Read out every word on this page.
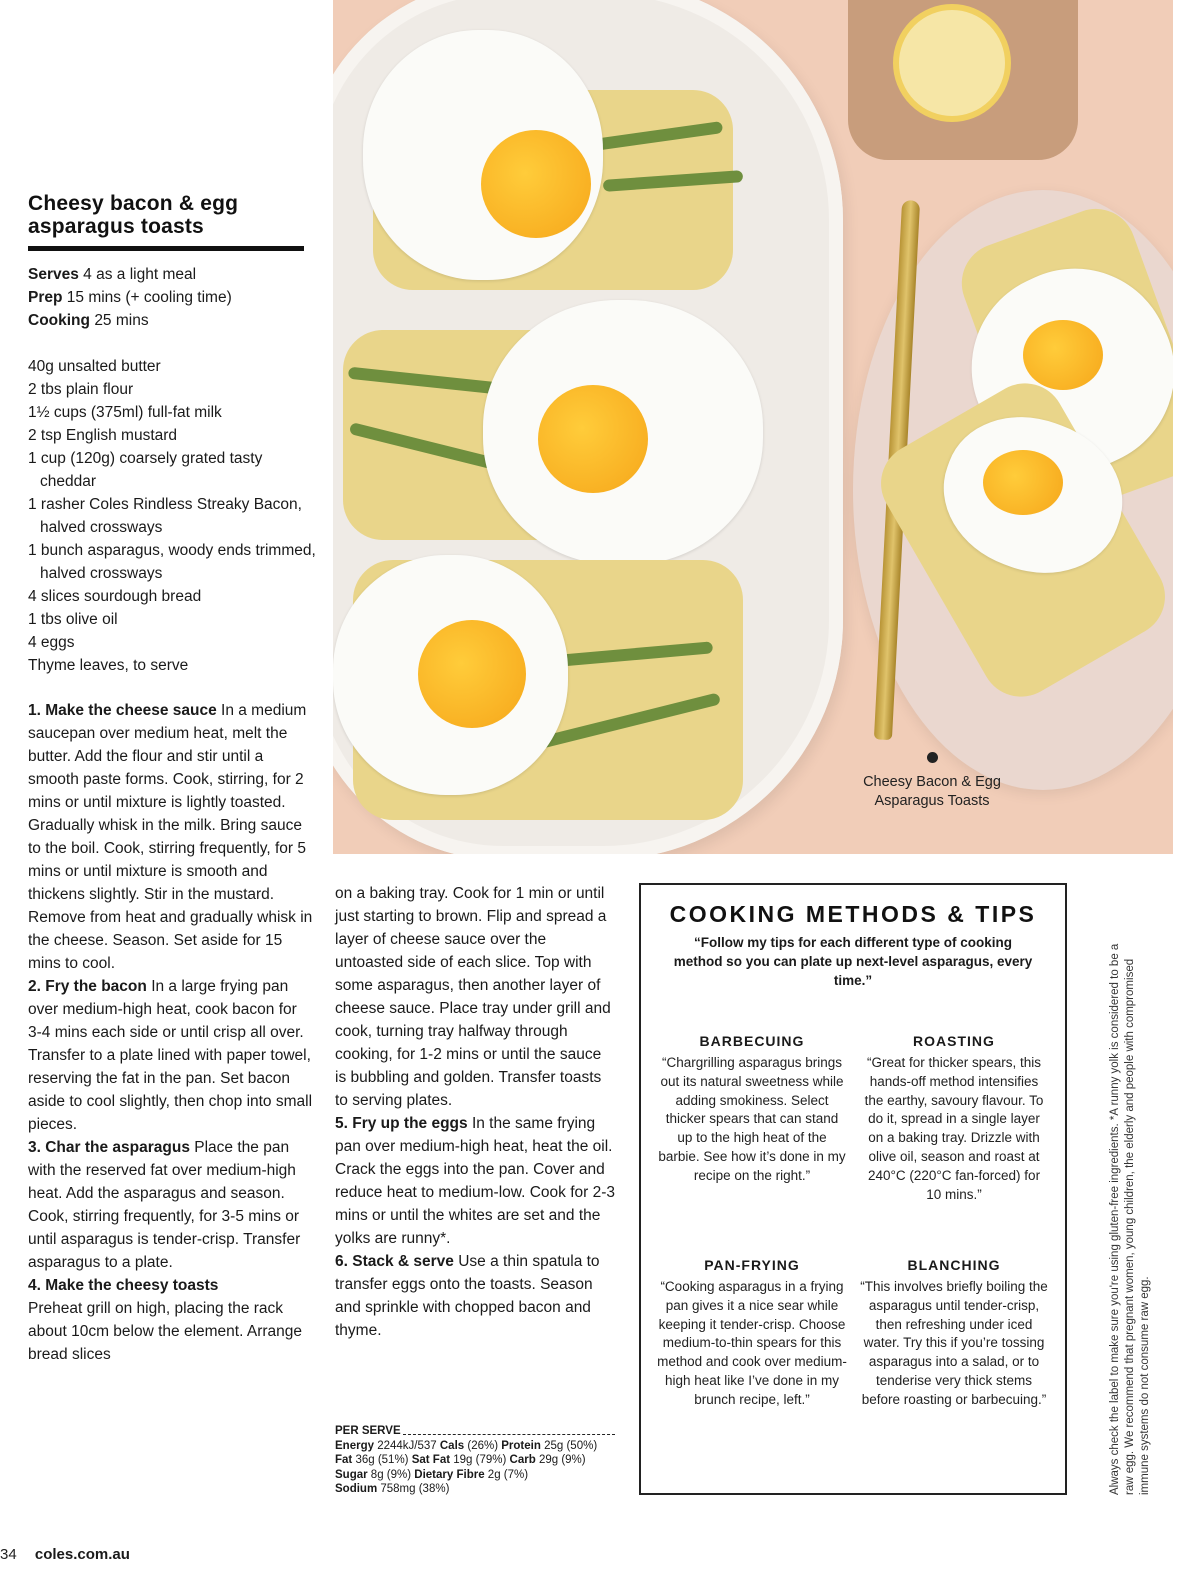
Cheesy bacon & egg asparagus toasts
Serves 4 as a light meal
Prep 15 mins (+ cooling time)
Cooking 25 mins
40g unsalted butter
2 tbs plain flour
1½ cups (375ml) full-fat milk
2 tsp English mustard
1 cup (120g) coarsely grated tasty cheddar
1 rasher Coles Rindless Streaky Bacon, halved crossways
1 bunch asparagus, woody ends trimmed, halved crossways
4 slices sourdough bread
1 tbs olive oil
4 eggs
Thyme leaves, to serve

1. Make the cheese sauce In a medium saucepan over medium heat, melt the butter. Add the flour and stir until a smooth paste forms. Cook, stirring, for 2 mins or until mixture is lightly toasted. Gradually whisk in the milk. Bring sauce to the boil. Cook, stirring frequently, for 5 mins or until mixture is smooth and thickens slightly. Stir in the mustard. Remove from heat and gradually whisk in the cheese. Season. Set aside for 15 mins to cool.

2. Fry the bacon In a large frying pan over medium-high heat, cook bacon for 3-4 mins each side or until crisp all over. Transfer to a plate lined with paper towel, reserving the fat in the pan. Set bacon aside to cool slightly, then chop into small pieces.

3. Char the asparagus Place the pan with the reserved fat over medium-high heat. Add the asparagus and season. Cook, stirring frequently, for 3-5 mins or until asparagus is tender-crisp. Transfer asparagus to a plate.

4. Make the cheesy toasts
Preheat grill on high, placing the rack about 10cm below the element. Arrange bread slices

on a baking tray. Cook for 1 min or until just starting to brown. Flip and spread a layer of cheese sauce over the untoasted side of each slice. Top with some asparagus, then another layer of cheese sauce. Place tray under grill and cook, turning tray halfway through cooking, for 1-2 mins or until the sauce is bubbling and golden. Transfer toasts to serving plates.

5. Fry up the eggs In the same frying pan over medium-high heat, heat the oil. Crack the eggs into the pan. Cover and reduce heat to medium-low. Cook for 2-3 mins or until the whites are set and the yolks are runny*.

6. Stack & serve Use a thin spatula to transfer eggs onto the toasts. Season and sprinkle with chopped bacon and thyme.

PER SERVE
Energy 2244kJ/537 Cals (26%) Protein 25g (50%)
Fat 36g (51%) Sat Fat 19g (79%) Carb 29g (9%)
Sugar 8g (9%) Dietary Fibre 2g (7%)
Sodium 758mg (38%)
Cheesy Bacon & Egg Asparagus Toasts
COOKING METHODS & TIPS
“Follow my tips for each different type of cooking method so you can plate up next-level asparagus, every time.”
BARBECUING

“Chargrilling asparagus brings out its natural sweetness while adding smokiness. Select thicker spears that can stand up to the high heat of the barbie. See how it’s done in my recipe on the right.”

ROASTING

“Great for thicker spears, this hands-off method intensifies the earthy, savoury flavour. To do it, spread in a single layer on a baking tray. Drizzle with olive oil, season and roast at 240°C (220°C fan-forced) for 10 mins.”

PAN-FRYING

“Cooking asparagus in a frying pan gives it a nice sear while keeping it tender-crisp. Choose medium-to-thin spears for this method and cook over medium-high heat like I’ve done in my brunch recipe, left.”

BLANCHING

“This involves briefly boiling the asparagus until tender-crisp, then refreshing under iced water. Try this if you’re tossing asparagus into a salad, or to tenderise very thick stems before roasting or barbecuing.”	Always check the label to make sure you're using gluten-free ingredients. *A runny yolk is considered to be a raw egg. We recommend that pregnant women, young children, the elderly and people with compromised immune systems do not consume raw egg.
34 coles.com.au
